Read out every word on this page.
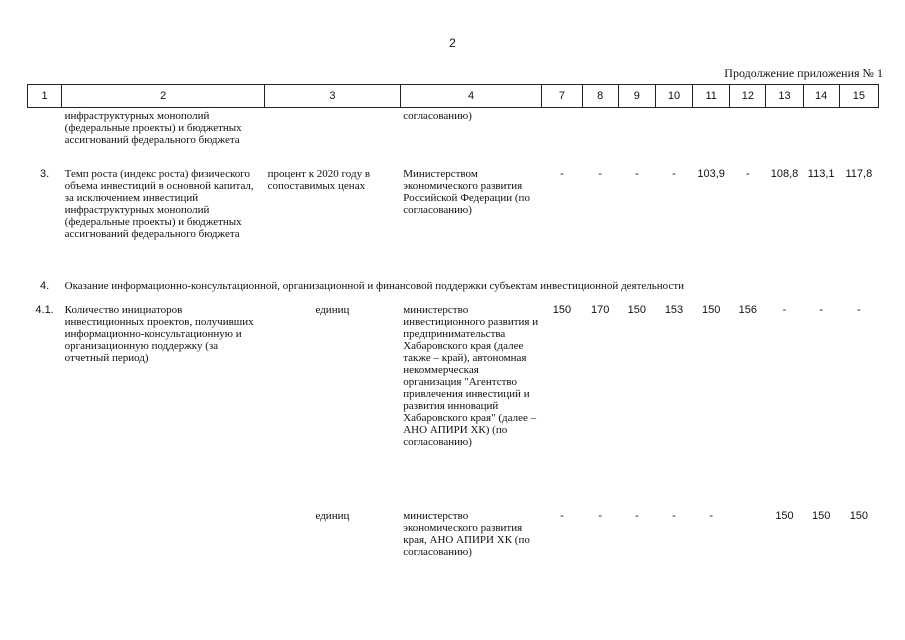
2
Продолжение приложения № 1
1	2	3	4	7	8	9	10	11	12	13	14	15
	инфраструктурных монополий (федеральные проекты) и бюджетных ассигнований федерального бюджета		согласованию)									
3.	Темп роста (индекс роста) физического объема инвестиций в основной капитал, за исключением инвестиций инфраструктурных монополий (федеральные проекты) и бюджетных ассигнований федерального бюджета	процент к 2020 году в сопоставимых ценах	Министерством экономического развития Российской Федерации (по согласованию)	-	-	-	-	103,9	-	108,8	113,1	117,8
4.	Оказание информационно-консультационной, организационной и финансовой поддержки субъектам инвестиционной деятельности											
4.1.	Количество инициаторов инвестиционных проектов, получивших информационно-консультационную и организационную поддержку (за отчетный период)	единиц	министерство инвестиционного развития и предпринимательства Хабаровского края (далее также – край), автономная некоммерческая организация "Агентство привлечения инвестиций и развития инноваций Хабаровского края" (далее – АНО АПИРИ ХК) (по согласованию)	150	170	150	153	150	156	-	-	-
		единиц	министерство экономического развития края, АНО АПИРИ ХК (по согласованию)	-	-	-	-	-		150	150	150
